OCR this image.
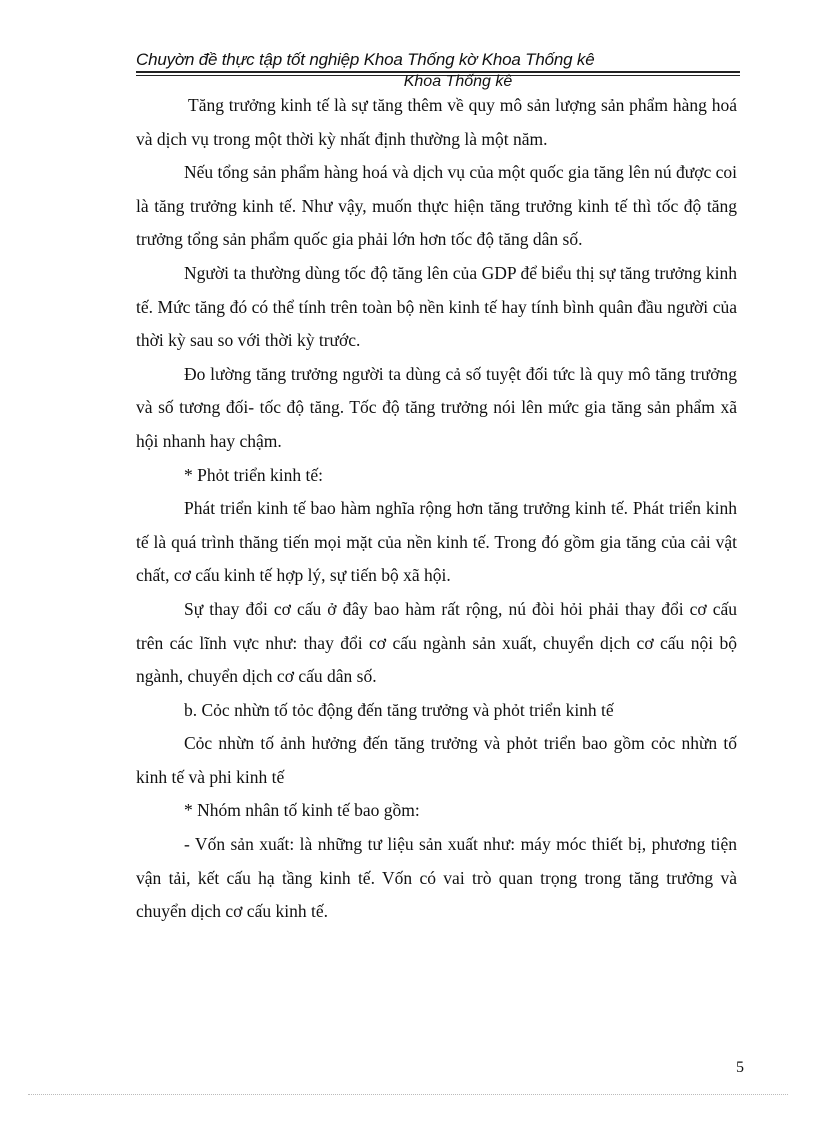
Chuyờn đề thực tập tốt nghiệp Khoa Thống kờ Khoa Thống kê
Khoa Thống kê

Tăng trưởng kinh tế là sự tăng thêm về quy mô sản lượng sản phẩm hàng hoá và dịch vụ trong một thời kỳ nhất định thường là một năm.

Nếu tổng sản phẩm hàng hoá và dịch vụ của một quốc gia tăng lên nú được coi là tăng trưởng kinh tế. Như vậy, muốn thực hiện tăng trưởng kinh tế thì tốc độ tăng trưởng tổng sản phẩm quốc gia phải lớn hơn tốc độ tăng dân số.

Người ta thường dùng tốc độ tăng lên của GDP để biểu thị sự tăng trưởng kinh tế. Mức tăng đó có thể tính trên toàn bộ nền kinh tế hay tính bình quân đầu người của thời kỳ sau so với thời kỳ trước.

Đo lường tăng trưởng người ta dùng cả số tuyệt đối tức là quy mô tăng trưởng và số tương đối- tốc độ tăng. Tốc độ tăng trưởng nói lên mức gia tăng sản phẩm xã hội nhanh hay chậm.

* Phỏt triển kinh tế:

Phát triển kinh tế bao hàm nghĩa rộng hơn tăng trưởng kinh tế. Phát triển kinh tế là quá trình thăng tiến mọi mặt của nền kinh tế. Trong đó gồm gia tăng của cải vật chất, cơ cấu kinh tế hợp lý, sự tiến bộ xã hội.

Sự thay đổi cơ cấu ở đây bao hàm rất rộng, nú đòi hỏi phải thay đổi cơ cấu trên các lĩnh vực như: thay đổi cơ cấu ngành sản xuất, chuyển dịch cơ cấu nội bộ ngành, chuyển dịch cơ cấu dân số.

b. Cỏc nhừn tố tỏc động đến tăng trưởng và phỏt triển kinh tế

Cỏc nhừn tố ảnh hưởng đến tăng trưởng và phỏt triển bao gồm cỏc nhừn tố kinh tế và phi kinh tế

* Nhóm nhân tố kinh tế bao gồm:

- Vốn sản xuất: là những tư liệu sản xuất như: máy móc thiết bị, phương tiện vận tải, kết cấu hạ tầng kinh tế. Vốn có vai trò quan trọng trong tăng trưởng và chuyển dịch cơ cấu kinh tế.

5
